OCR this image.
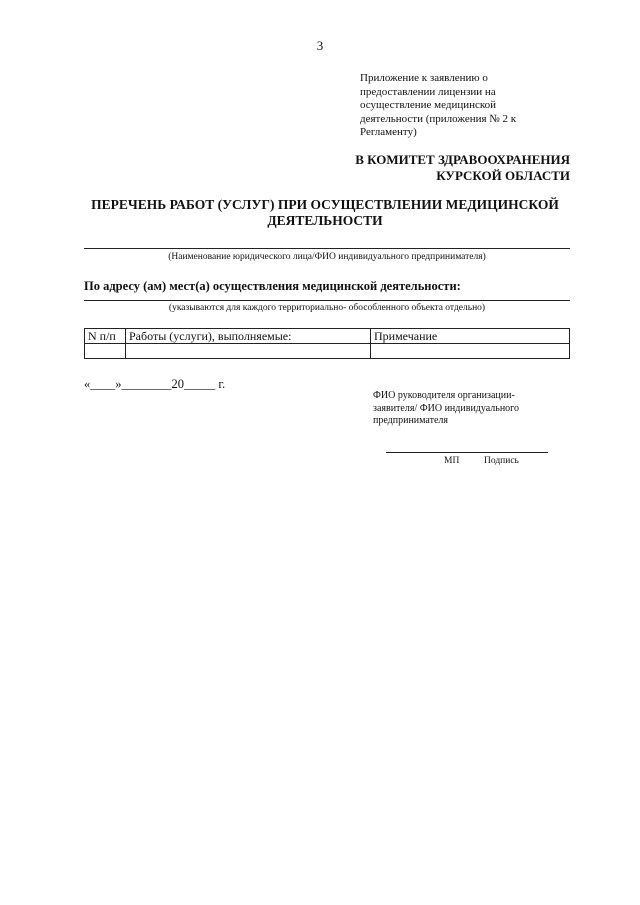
3
Приложение к заявлению о предоставлении лицензии на осуществление медицинской деятельности (приложения № 2 к Регламенту)
В КОМИТЕТ ЗДРАВООХРАНЕНИЯ
КУРСКОЙ ОБЛАСТИ
ПЕРЕЧЕНЬ РАБОТ (УСЛУГ) ПРИ ОСУЩЕСТВЛЕНИИ МЕДИЦИНСКОЙ
ДЕЯТЕЛЬНОСТИ
(Наименование юридического лица/ФИО индивидуального предпринимателя)
По адресу (ам) мест(а) осуществления медицинской деятельности:
(указываются для каждого территориально- обособленного объекта отдельно)
N п/п	Работы (услуги), выполняемые:	Примечание

«____»________20_____ г.
ФИО руководителя организации-заявителя/ ФИО индивидуального предпринимателя
МП	Подпись
